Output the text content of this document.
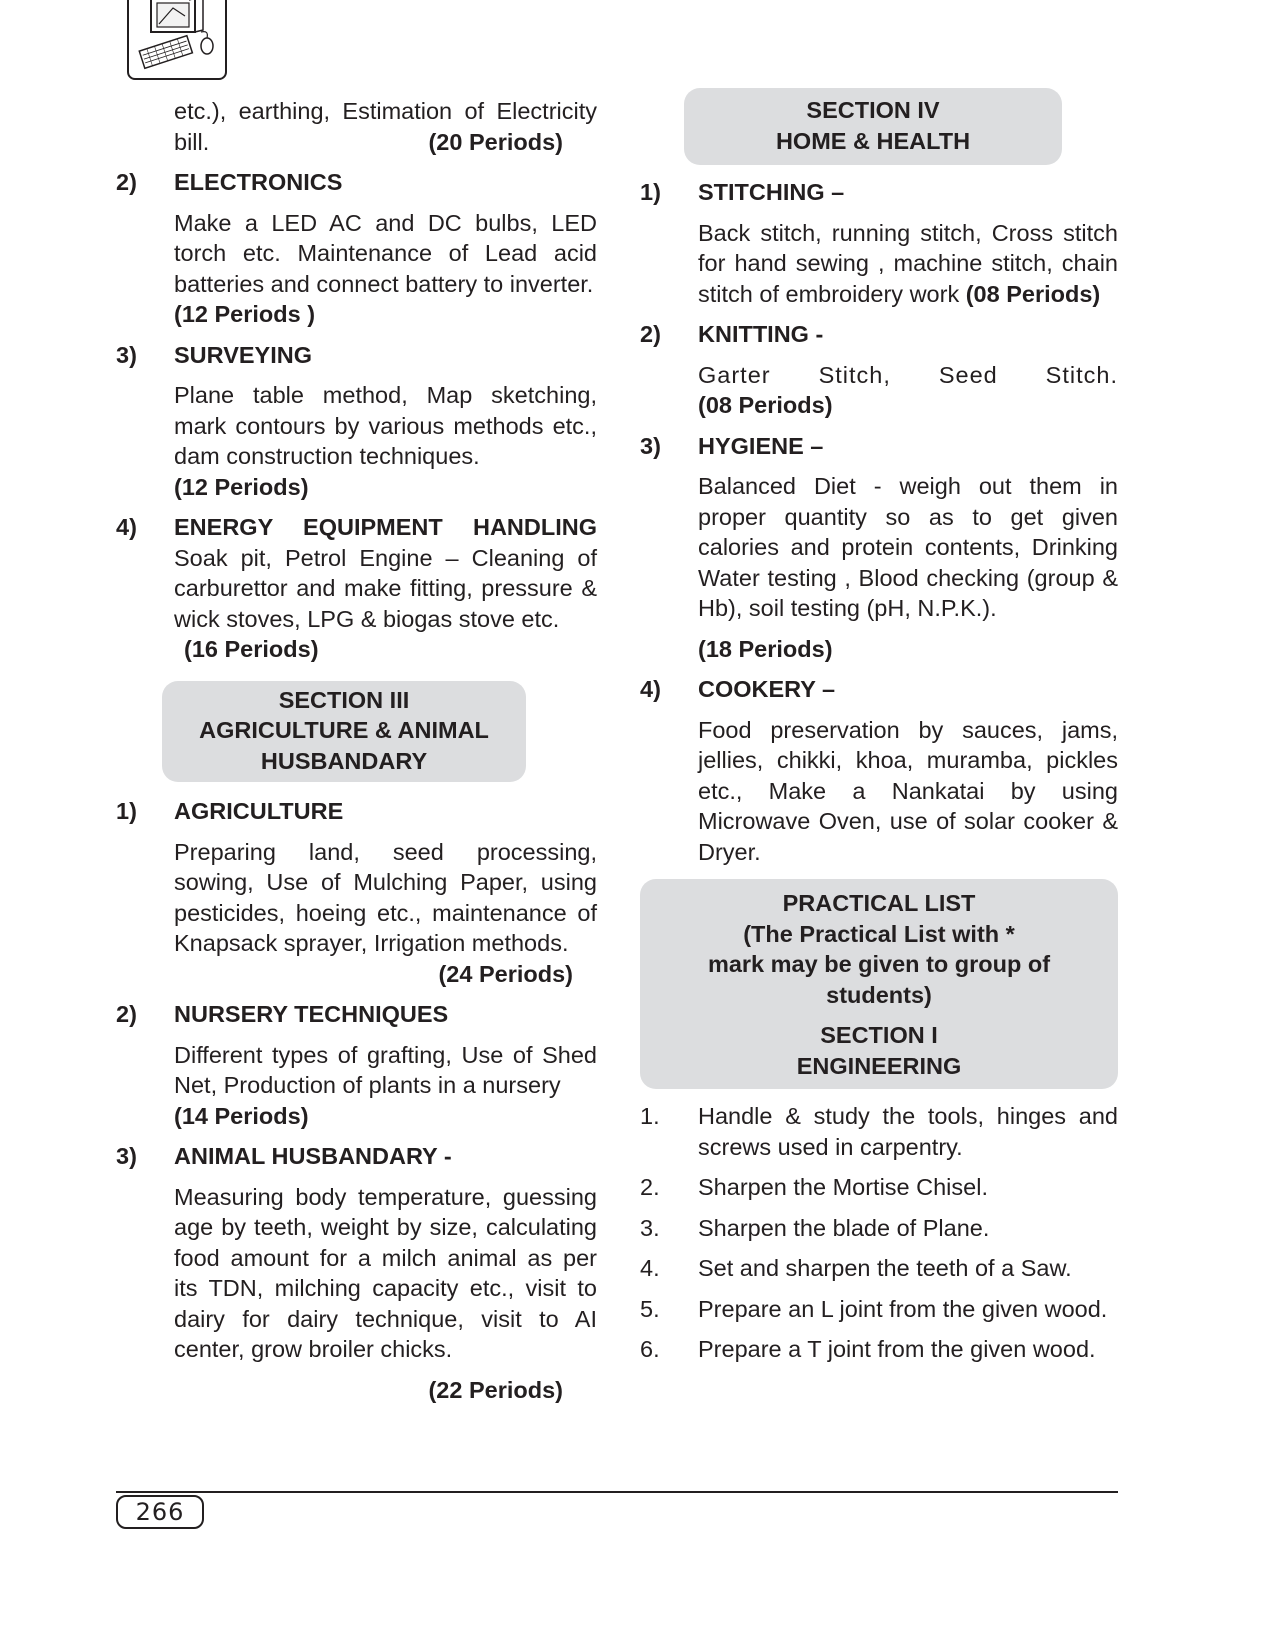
etc.), earthing, Estimation of Electricity bill.	(20 Periods)

2)	ELECTRONICS

Make a LED AC and DC bulbs, LED torch etc. Maintenance of Lead acid batteries and connect battery to inverter.

(12 Periods )

3)	SURVEYING

Plane table method, Map sketching, mark contours by various methods etc., dam construction techniques.

(12 Periods)

4)	ENERGY EQUIPMENT HANDLING

Soak pit, Petrol Engine – Cleaning of carburettor and make fitting, pressure & wick stoves, LPG & biogas stove etc.

(16 Periods)

SECTION III
AGRICULTURE & ANIMAL
HUSBANDARY
1)	AGRICULTURE

Preparing land, seed processing, sowing, Use of Mulching Paper, using pesticides, hoeing etc., maintenance of Knapsack sprayer, Irrigation methods.

(24 Periods)

2)	NURSERY TECHNIQUES

Different types of grafting, Use of Shed Net, Production of plants in a nursery

(14 Periods)

3)	ANIMAL HUSBANDARY -

Measuring body temperature, guessing age by teeth, weight by size, calculating food amount for a milch animal as per its TDN, milching capacity etc., visit to dairy for dairy technique, visit to AI center, grow broiler chicks.

(22 Periods)

SECTION IV
HOME & HEALTH
1)	STITCHING –

Back stitch, running stitch, Cross stitch for hand sewing , machine stitch, chain stitch of embroidery work (08 Periods)

2)	KNITTING -

Garter Stitch, Seed Stitch.

(08 Periods)

3)	HYGIENE –

Balanced Diet - weigh out them in proper quantity so as to get given calories and protein contents, Drinking Water testing , Blood checking (group & Hb), soil testing (pH, N.P.K.).

(18 Periods)

4)	COOKERY –

Food preservation by sauces, jams, jellies, chikki, khoa, muramba, pickles etc., Make a Nankatai by using Microwave Oven, use of solar cooker & Dryer.

PRACTICAL LIST
(The Practical List with *
mark may be given to group of
students)
SECTION I
ENGINEERING
1.	Handle & study the tools, hinges and screws used in carpentry.
2.	Sharpen the Mortise Chisel.
3.	Sharpen the blade of Plane.
4.	Set and sharpen the teeth of a Saw.
5.	Prepare an L joint from the given wood.
6.	Prepare a T joint from the given wood.
266
